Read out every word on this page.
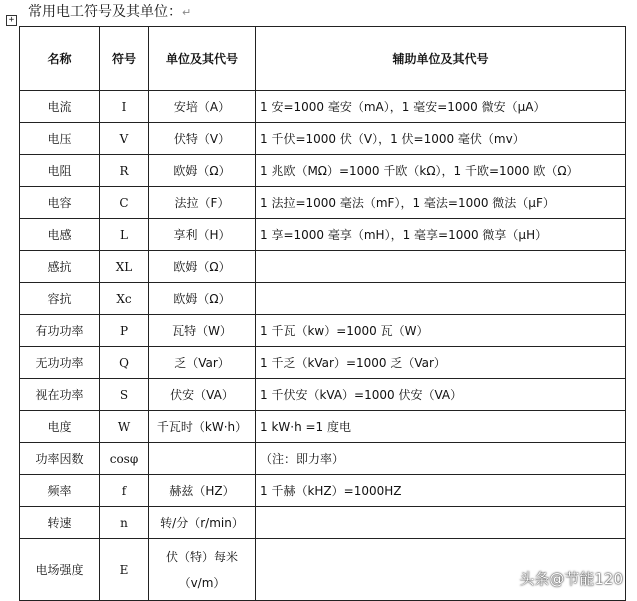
+ 常用电工符号及其单位：↵
名称	符号	单位及其代号	辅助单位及其代号
电流	I	安培（A）	1 安=1000 毫安（mA），1 毫安=1000 微安（μA）
电压	V	伏特（V）	1 千伏=1000 伏（V），1 伏=1000 毫伏（mv）
电阻	R	欧姆（Ω）	1 兆欧（MΩ）=1000 千欧（kΩ），1 千欧=1000 欧（Ω）
电容	C	法拉（F）	1 法拉=1000 毫法（mF），1 毫法=1000 微法（μF）
电感	L	享利（H）	1 享=1000 毫享（mH），1 毫享=1000 微享（μH）
感抗	XL	欧姆（Ω）	
容抗	Xc	欧姆（Ω）	
有功功率	P	瓦特（W）	1 千瓦（kw）=1000 瓦（W）
无功功率	Q	乏（Var）	1 千乏（kVar）=1000 乏（Var）
视在功率	S	伏安（VA）	1 千伏安（kVA）=1000 伏安（VA）
电度	W	千瓦时（kW·h）	1 kW·h =1 度电
功率因数	cosφ		（注：即力率）
频率	f	赫兹（HZ）	1 千赫（kHZ）=1000HZ
转速	n	转/分（r/min）	
电场强度	E	伏（特）每米（v/m）		头条@节能120
